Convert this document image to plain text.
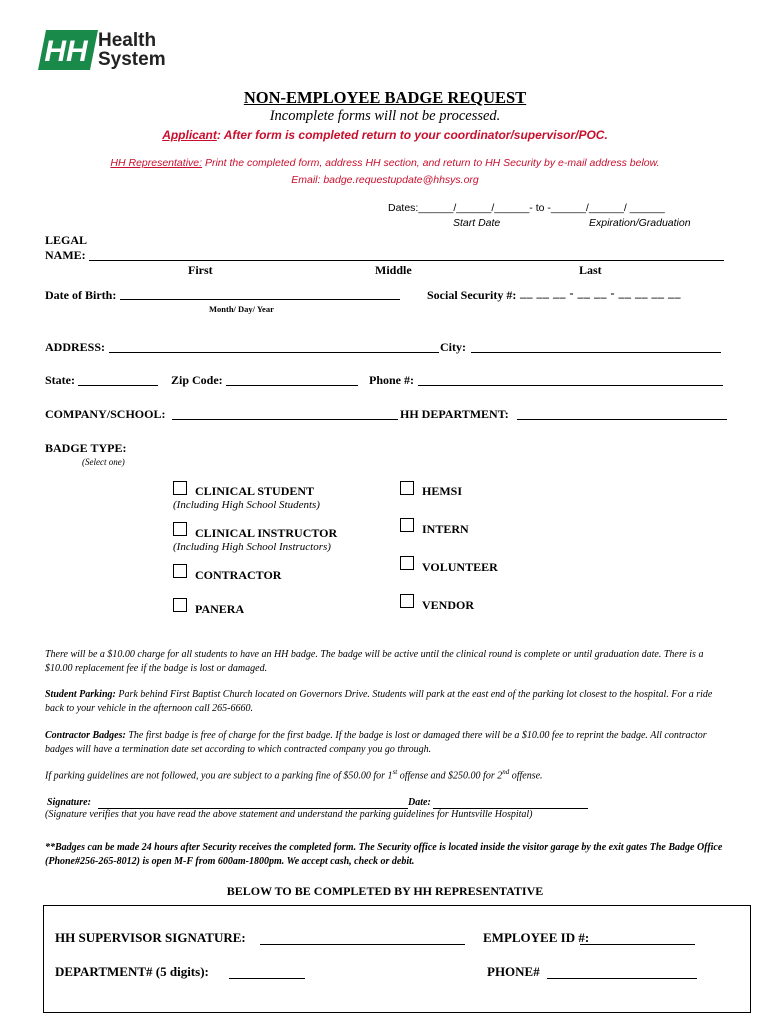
HH Health
System
NON-EMPLOYEE BADGE REQUEST
Incomplete forms will not be processed.
Applicant: After form is completed return to your coordinator/supervisor/POC.
HH Representative: Print the completed form, address HH section, and return to HH Security by e-mail address below.
Email: badge.requestupdate@hhsys.org
Dates:______/______/______- to -______/______/ ______
Start Date	Expiration/Graduation
LEGAL
NAME:
First	Middle	Last
Date of Birth:
Month/ Day/ Year
Social Security #: __ __ __ - __ __ - __ __ __ __
ADDRESS:	City:
State:	Zip Code:	Phone #:
COMPANY/SCHOOL:	HH DEPARTMENT:
BADGE TYPE:
(Select one)
CLINICAL STUDENT
(Including High School Students)
CLINICAL INSTRUCTOR
(Including High School Instructors)
CONTRACTOR
PANERA
HEMSI
INTERN
VOLUNTEER
VENDOR
There will be a $10.00 charge for all students to have an HH badge. The badge will be active until the clinical round is complete or until graduation date. There is a $10.00 replacement fee if the badge is lost or damaged.
Student Parking: Park behind First Baptist Church located on Governors Drive. Students will park at the east end of the parking lot closest to the hospital. For a ride back to your vehicle in the afternoon call 265-6660.
Contractor Badges: The first badge is free of charge for the first badge. If the badge is lost or damaged there will be a $10.00 fee to reprint the badge. All contractor badges will have a termination date set according to which contracted company you go through.
If parking guidelines are not followed, you are subject to a parking fine of $50.00 for 1st offense and $250.00 for 2nd offense.
Signature:	Date:
(Signature verifies that you have read the above statement and understand the parking guidelines for Huntsville Hospital)
**Badges can be made 24 hours after Security receives the completed form. The Security office is located inside the visitor garage by the exit gates The Badge Office (Phone#256-265-8012) is open M-F from 600am-1800pm. We accept cash, check or debit.
BELOW TO BE COMPLETED BY HH REPRESENTATIVE
HH SUPERVISOR SIGNATURE:	EMPLOYEE ID #:
DEPARTMENT# (5 digits):	PHONE#
